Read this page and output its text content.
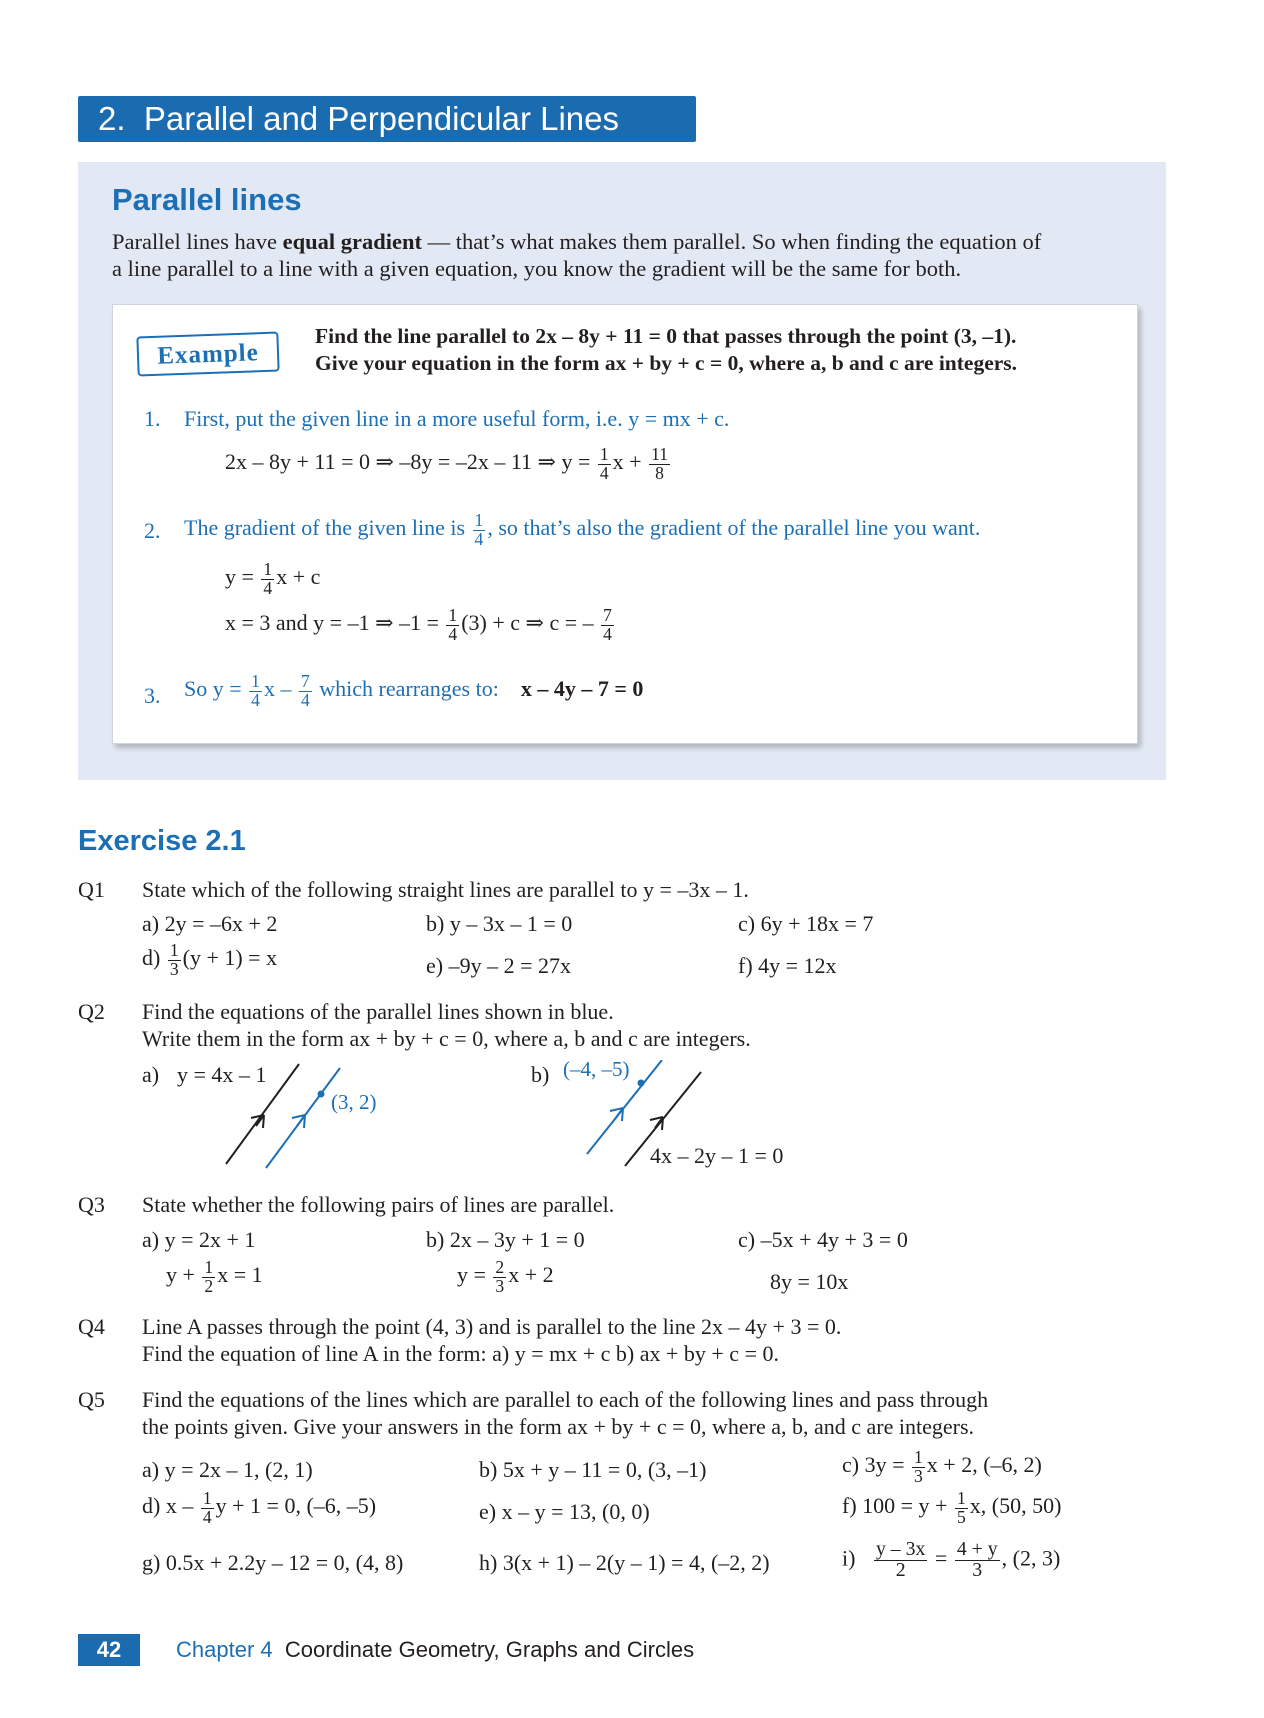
2. Parallel and Perpendicular Lines
Parallel lines
Parallel lines have equal gradient — that’s what makes them parallel. So when finding the equation of
a line parallel to a line with a given equation, you know the gradient will be the same for both.
Example
Find the line parallel to 2x – 8y + 11 = 0 that passes through the point (3, –1).
Give your equation in the form ax + by + c = 0, where a, b and c are integers.
1. First, put the given line in a more useful form, i.e. y = mx + c.
2x – 8y + 11 = 0 ⇒ –8y = –2x – 11 ⇒ $y = \frac{1}{4}$ $x + \frac{11}{8}$
2. The gradient of the given line is $\frac{1}{4}$ , so that’s also the gradient of the parallel line you want.
$y = \frac{1}{4}$ x + c
x = 3 and y = –1 ⇒ $-1 = \frac{1}{4} (3) + c$ ⇒ c = – $\frac{7}{4}$
3. So $y = \frac{1}{4}$ x – $\frac{7}{4}$ which rearranges to: x – 4y – 7 = 0
Exercise 2.1
Q1 State which of the following straight lines are parallel to y = –3x – 1.
a) 2y = –6x + 2	b) y – 3x – 1 = 0	c) 6y + 18x = 7
$d) \frac{1}{3} (y + 1) = x$	e) –9y – 2 = 27x	f) 4y = 12x
Q2 Find the equations of the parallel lines shown in blue.
Write them in the form ax + by + c = 0, where a, b and c are integers.
a) y = 4x – 1
(3, 2)
b) (–4, –5)
4x – 2y – 1 = 0
Q3 State whether the following pairs of lines are parallel.
a) y = 2x + 1
$y + \frac{1}{2}$ x = 1
b) 2x – 3y + 1 = 0
$y = \frac{2}{3}$ x + 2
c) –5x + 4y + 3 = 0
8y = 10x
Q4 Line A passes through the point (4, 3) and is parallel to the line 2x – 4y + 3 = 0.
Find the equation of line A in the form: a) y = mx + c b) ax + by + c = 0.
Q5 Find the equations of the lines which are parallel to each of the following lines and pass through
the points given. Give your answers in the form ax + by + c = 0, where a, b, and c are integers.
a) y = 2x – 1, (2, 1)	b) 5x + y – 11 = 0, (3, –1)	c) $3y = \frac{1}{3}$ x + 2, (–6, 2)
d) x – $\frac{1}{4}$ y + 1 = 0, (–6, –5)	e) x – y = 13, (0, 0)	f) $100 = y + \frac{1}{5} x$, (50, 50)
g) 0.5x + 2.2y – 12 = 0, (4, 8)	h) 3(x + 1) – 2(y – 1) = 4, (–2, 2)	$i) \frac{y - 3x}{2} = \frac{4 + y}{3}$ , (2, 3)
42	Chapter 4 Coordinate Geometry, Graphs and Circles
